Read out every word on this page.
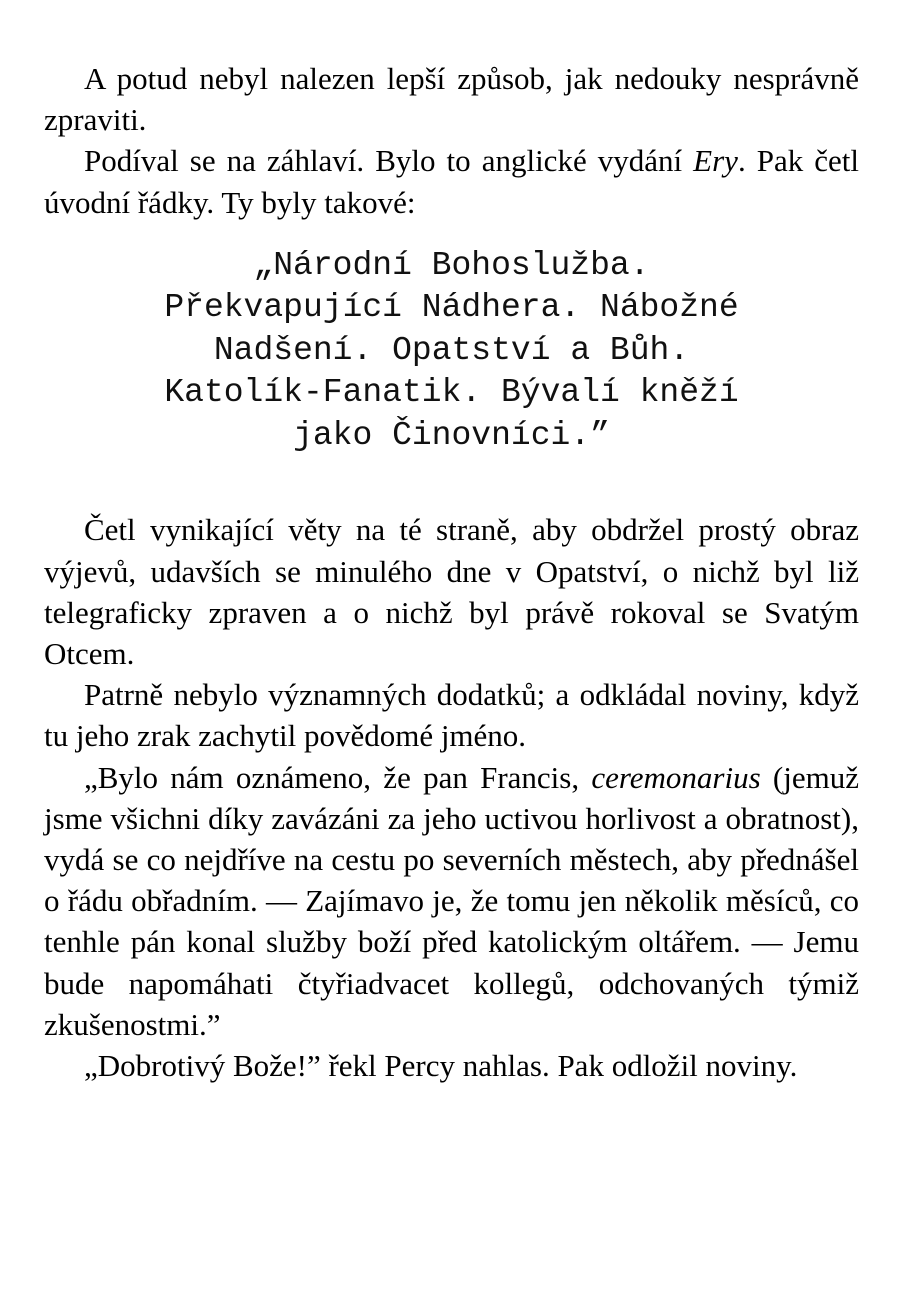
A potud nebyl nalezen lepší způsob, jak nedouky nesprávně zpraviti.

Podíval se na záhlaví. Bylo to anglické vydání Ery. Pak četl úvodní řádky. Ty byly takové:

„Národní Bohoslužba.
Překvapující Nádhera. Nábožné
Nadšení. Opatství a Bůh.
Katolík-Fanatik. Bývalí kněží
jako Činovníci.”

Četl vynikající věty na té straně, aby obdržel prostý obraz výjevů, udavších se minulého dne v Opatství, o nichž byl liž telegraficky zpraven a o nichž byl právě rokoval se Svatým Otcem.

Patrně nebylo významných dodatků; a odkládal noviny, když tu jeho zrak zachytil povědomé jméno.

„Bylo nám oznámeno, že pan Francis, ceremonarius (jemuž jsme všichni díky zavázáni za jeho uctivou horlivost a obratnost), vydá se co nejdříve na cestu po severních městech, aby přednášel o řádu obřadním. — Zajímavo je, že tomu jen několik měsíců, co tenhle pán konal služby boží před katolickým oltářem. — Jemu bude napomáhati čtyřiadvacet kollegů, odchovaných týmiž zkušenostmi.”

„Dobrotivý Bože!” řekl Percy nahlas. Pak odložil noviny.
